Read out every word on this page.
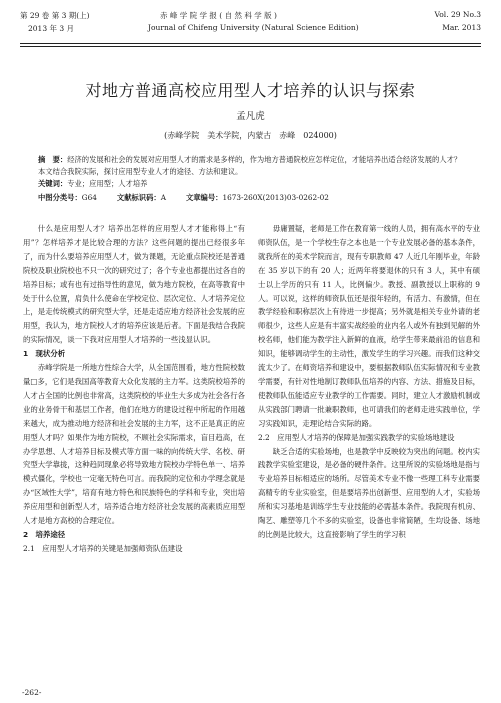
第 29 卷 第 3 期(上)
2013 年 3 月
赤 峰 学 院 学 报 ( 自 然 科 学 版 )
Journal of Chifeng University (Natural Science Edition)
Vol. 29 No.3
Mar. 2013
对地方普通高校应用型人才培养的认识与探索
孟凡虎
(赤峰学院　美术学院，内蒙古　赤峰　024000)
摘　要：经济的发展和社会的发展对应用型人才的需求是多样的，作为地方普通院校应怎样定位，才能培养出适合经济发展的人才？本文结合我院实际，探讨应用型专业人才的途径、方法和建议。
关键词：专业；应用型；人才培养
中图分类号：G64	文献标识码：A	文章编号：1673-260X(2013)03-0262-02

什么是应用型人才？培养出怎样的应用型人才才能称得上“有用”？怎样培养才是比较合理的方法？这些问题的提出已经很多年了，而为什么要培养应用型人才，做为课题，无论重点院校还是普通院校及职业院校也不只一次的研究过了；各个专业也都提出过各自的培养目标；或有也有过指导性的意见，做为地方院校，在高等教育中处于什么位置，肩负什么使命在学校定位、层次定位、人才培养定位上，是走传统模式的研究型大学，还是走适应地方经济社会发展的应用型，我认为，地方院校人才的培养应该是后者。下面是我结合我院的实际情况，谈一下我对应用型人才培养的一些浅显认识。

1　现状分析

赤峰学院是一所地方性综合大学，从全国范围看，地方性院校数量□多，它们是我国高等教育大众化发展的主力军。这类院校培养的人才占全国的比例也非常高，这类院校的毕业生大多成为社会各行各业的业务骨干和基层工作者，他们在地方的建设过程中所起的作用越来越大，成为推动地方经济和社会发展的主力军，这不正是真正的应用型人才吗？如果作为地方院校，不顾社会实际需求，盲目趋高，在办学思想、人才培养目标及模式等方面一味的向传统大学、名校、研究型大学靠拢，这种趋同现象必将导致地方院校办学特色单一、培养模式僵化，学校也一定毫无特色可言。而我院的定位和办学理念就是办“区域性大学”，培育有地方特色和民族特色的学科和专业，突出培养应用型和创新型人才，培养适合地方经济社会发展的高素质应用型人才是地方高校的合理定位。

2　培养途径

2.1　应用型人才培养的关键是加强师资队伍建设

毋庸置疑，老师是工作在教育第一线的人员，拥有高水平的专业师资队伍，是一个学校生存之本也是一个专业发展必备的基本条件，就我所在的美术学院而言，现有专职教师 47 人近几年刚毕业，年龄在 35 岁以下的有 20 人；近两年将要退休的只有 3 人，其中有硕士以上学历的只有 11 人，比例偏少。教授、副教授以上职称的 9 人。可以说，这样的师资队伍还是很年轻的，有活力、有激情，但在教学经验和职称层次上有待进一步提高；另外就是相关专业外请的老师很少，这些人应是有丰富实战经验的业内名人或外有独到见解的外校名师，他们能为教学注入新鲜的血液，给学生带来最前沿的信息和知识，能够调动学生的主动性，激发学生的学习兴趣。而我们这种交流太少了。在师资培养和建设中，要根据教师队伍实际情况和专业教学需要，有针对性地制订教师队伍培养的内容、方法、措施及目标，使教师队伍能适应专业教学的工作需要。同时，建立人才激励机制或从实践部门聘请一批兼职教师，也可请我们的老师走进实践单位，学习实践知识，走理论结合实际的路。

2.2　应用型人才培养的保障是加强实践教学的实验场地建设

缺乏合适的实验场地，也是教学中反映较为突出的问题。校内实践教学实验室建设，是必备的硬件条件。这里所说的实验场地是指与专业培养目标相适应的场所。尽管美术专业不像一些理工科专业需要高精专的专业实验室，但是要培养出创新型、应用型的人才，实验场所和实习基地是训练学生专业技能的必需基本条件。我院现有机房、陶艺、雕塑等几个不多的实验室，设备也非常简陋，生均设备、场地的比例是比较大，这直接影响了学生的学习积

-262-
